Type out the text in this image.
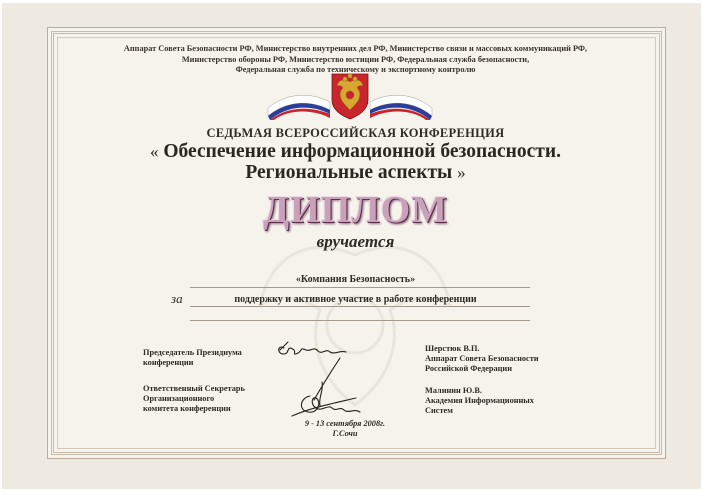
Аппарат Совета Безопасности РФ, Министерство внутренних дел РФ, Министерство связи и массовых коммуникаций РФ,
Министерство обороны РФ, Министерство юстиции РФ, Федеральная служба безопасности,
Федеральная служба по техническому и экспортному контролю
СЕДЬМАЯ ВСЕРОССИЙСКАЯ КОНФЕРЕНЦИЯ
« Обеспечение информационной безопасности.
Региональные аспекты »
ДИПЛОМ
вручается
«Компания Безопасность»
за	поддержку и активное участие в работе конференции
Председатель Президиума
конференции
Ответственный Секретарь
Организационного
комитета конференции
Шерстюк В.П.
Аппарат Совета Безопасности
Российской Федерации
Малинин Ю.В.
Академия Информационных
Систем
9 - 13 сентября 2008г.
Г.Сочи
